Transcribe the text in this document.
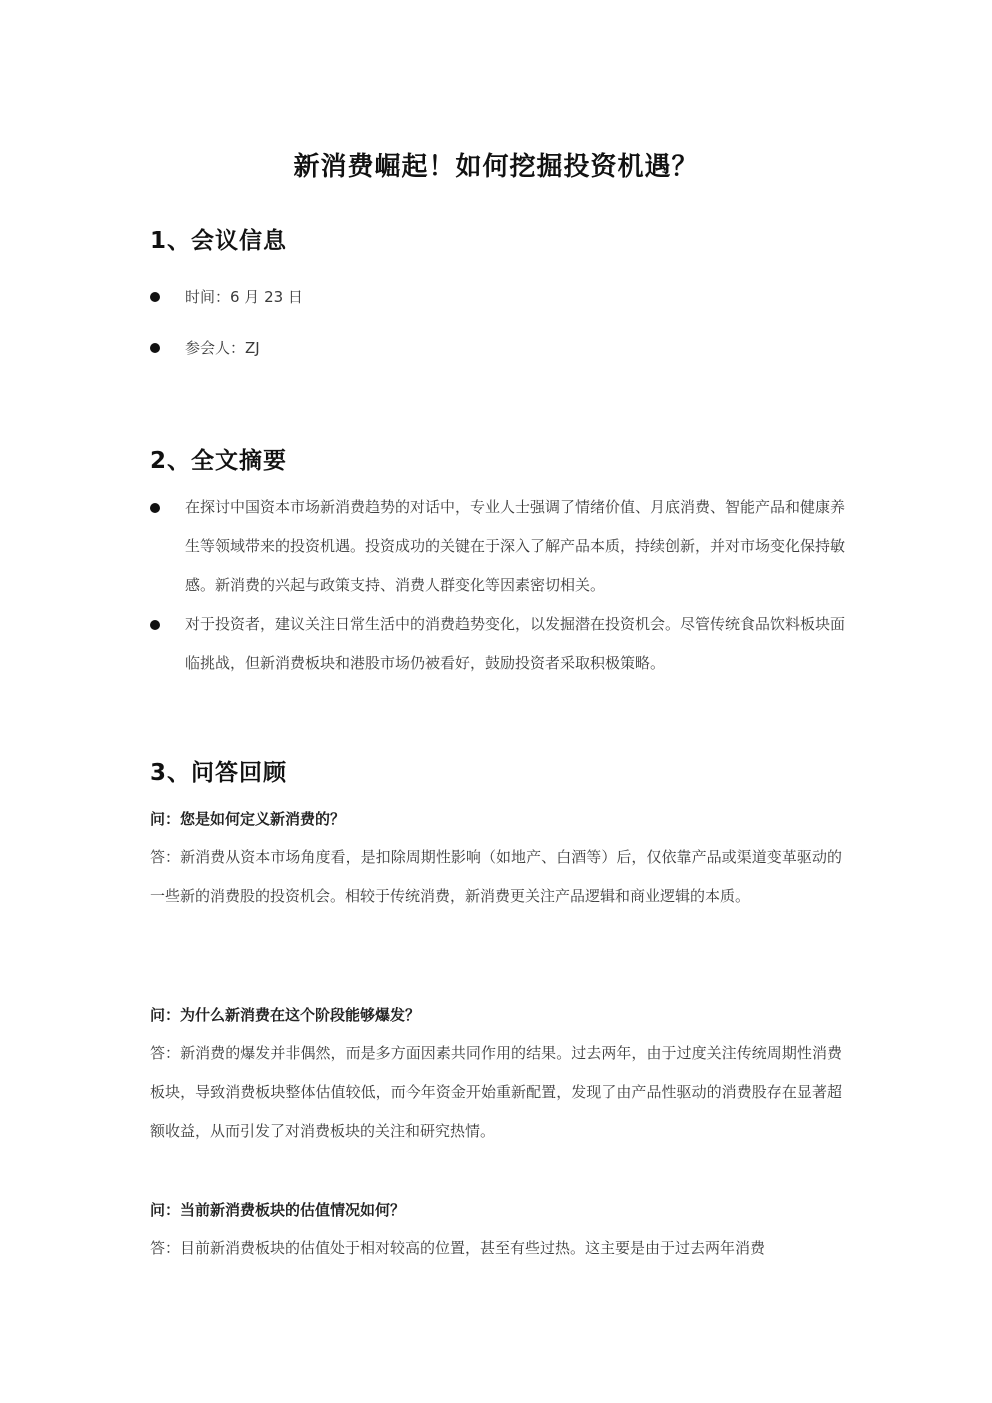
新消费崛起！如何挖掘投资机遇？
1、会议信息
时间：6 月 23 日
参会人：ZJ
2、全文摘要
在探讨中国资本市场新消费趋势的对话中，专业人士强调了情绪价值、月底消费、智能产品和健康养生等领域带来的投资机遇。投资成功的关键在于深入了解产品本质，持续创新，并对市场变化保持敏感。新消费的兴起与政策支持、消费人群变化等因素密切相关。
对于投资者，建议关注日常生活中的消费趋势变化，以发掘潜在投资机会。尽管传统食品饮料板块面临挑战，但新消费板块和港股市场仍被看好，鼓励投资者采取积极策略。
3、问答回顾
问：您是如何定义新消费的？
答：新消费从资本市场角度看，是扣除周期性影响（如地产、白酒等）后，仅依靠产品或渠道变革驱动的一些新的消费股的投资机会。相较于传统消费，新消费更关注产品逻辑和商业逻辑的本质。
问：为什么新消费在这个阶段能够爆发？
答：新消费的爆发并非偶然，而是多方面因素共同作用的结果。过去两年，由于过度关注传统周期性消费板块，导致消费板块整体估值较低，而今年资金开始重新配置，发现了由产品性驱动的消费股存在显著超额收益，从而引发了对消费板块的关注和研究热情。
问：当前新消费板块的估值情况如何？
答：目前新消费板块的估值处于相对较高的位置，甚至有些过热。这主要是由于过去两年消费
